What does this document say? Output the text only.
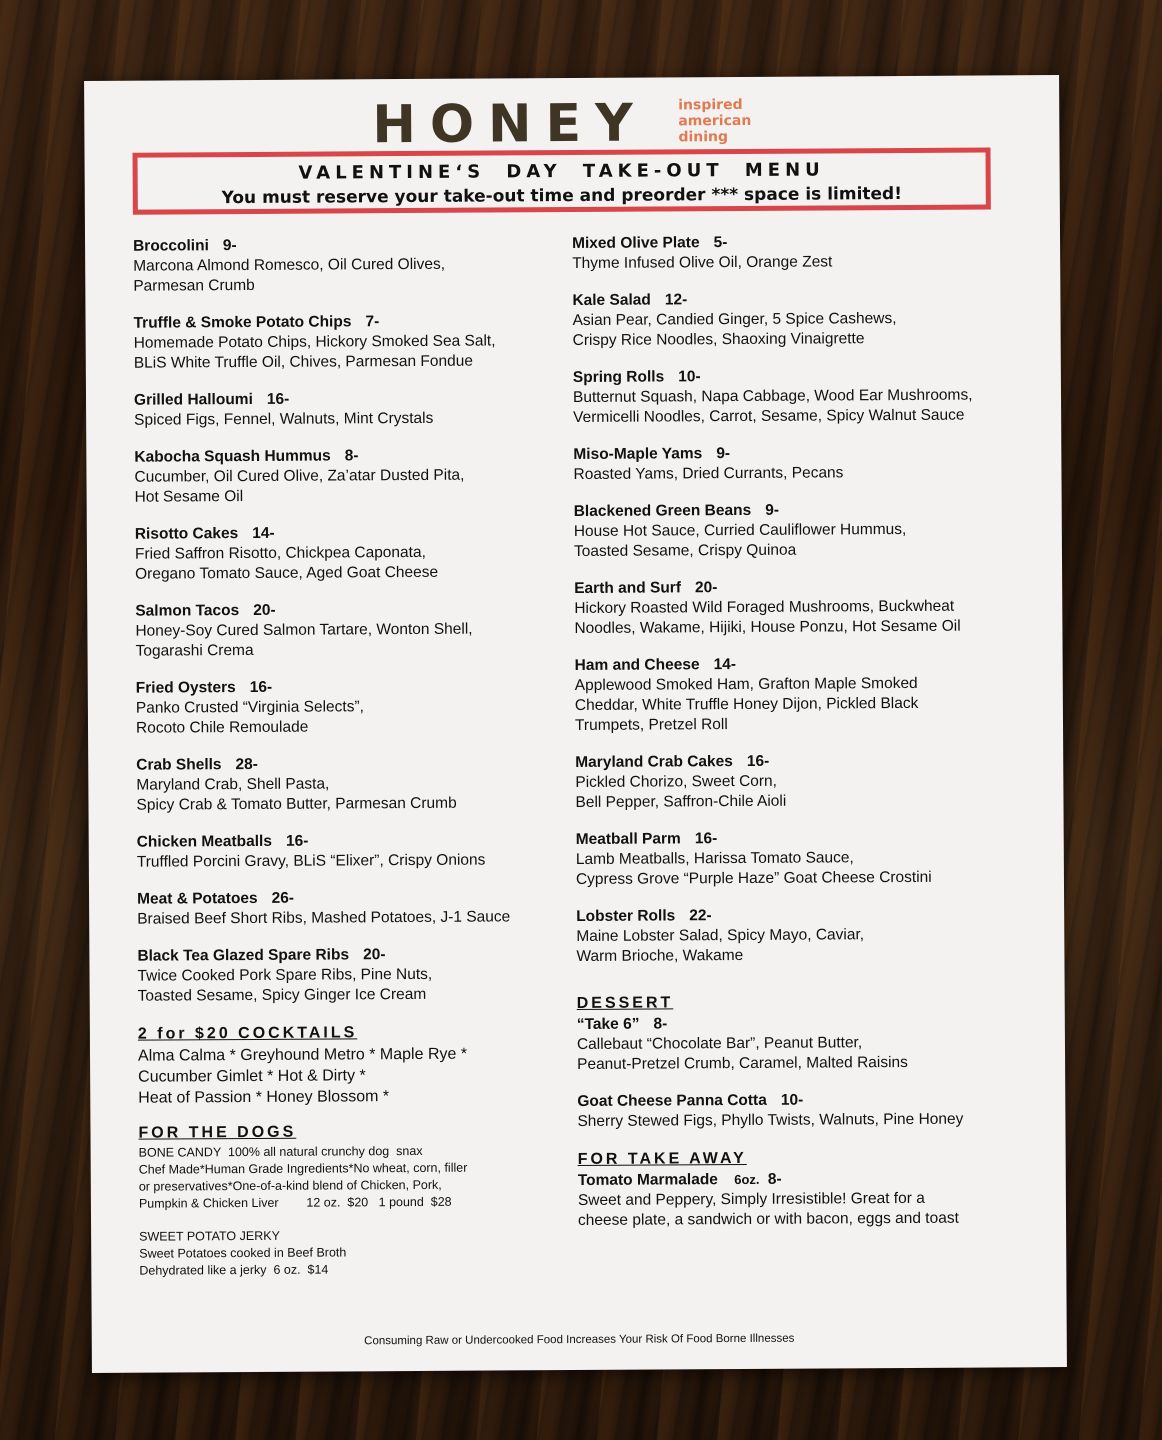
HONEY inspired
american
dining
VALENTINE‘S DAY TAKE-OUT MENU
You must reserve your take-out time and preorder *** space is limited!
Broccolini 9-
Marcona Almond Romesco, Oil Cured Olives,
Parmesan Crumb
Truffle & Smoke Potato Chips 7-
Homemade Potato Chips, Hickory Smoked Sea Salt,
BLiS White Truffle Oil, Chives, Parmesan Fondue
Grilled Halloumi 16-
Spiced Figs, Fennel, Walnuts, Mint Crystals
Kabocha Squash Hummus 8-
Cucumber, Oil Cured Olive, Za’atar Dusted Pita,
Hot Sesame Oil
Risotto Cakes 14-
Fried Saffron Risotto, Chickpea Caponata,
Oregano Tomato Sauce, Aged Goat Cheese
Salmon Tacos 20-
Honey-Soy Cured Salmon Tartare, Wonton Shell,
Togarashi Crema
Fried Oysters 16-
Panko Crusted “Virginia Selects”,
Rocoto Chile Remoulade
Crab Shells 28-
Maryland Crab, Shell Pasta,
Spicy Crab & Tomato Butter, Parmesan Crumb
Chicken Meatballs 16-
Truffled Porcini Gravy, BLiS “Elixer”, Crispy Onions
Meat & Potatoes 26-
Braised Beef Short Ribs, Mashed Potatoes, J-1 Sauce
Black Tea Glazed Spare Ribs 20-
Twice Cooked Pork Spare Ribs, Pine Nuts,
Toasted Sesame, Spicy Ginger Ice Cream
2 for $20 COCKTAILS
Alma Calma * Greyhound Metro * Maple Rye *
Cucumber Gimlet * Hot & Dirty *
Heat of Passion * Honey Blossom *
FOR THE DOGS
BONE CANDY  100% all natural crunchy dog  snax
Chef Made*Human Grade Ingredients*No wheat, corn, filler
or preservatives*One-of-a-kind blend of Chicken, Pork,
Pumpkin & Chicken Liver        12 oz.  $20   1 pound  $28
SWEET POTATO JERKY
Sweet Potatoes cooked in Beef Broth
Dehydrated like a jerky  6 oz.  $14
Mixed Olive Plate 5-
Thyme Infused Olive Oil, Orange Zest
Kale Salad 12-
Asian Pear, Candied Ginger, 5 Spice Cashews,
Crispy Rice Noodles, Shaoxing Vinaigrette
Spring Rolls 10-
Butternut Squash, Napa Cabbage, Wood Ear Mushrooms,
Vermicelli Noodles, Carrot, Sesame, Spicy Walnut Sauce
Miso-Maple Yams 9-
Roasted Yams, Dried Currants, Pecans
Blackened Green Beans 9-
House Hot Sauce, Curried Cauliflower Hummus,
Toasted Sesame, Crispy Quinoa
Earth and Surf 20-
Hickory Roasted Wild Foraged Mushrooms, Buckwheat
Noodles, Wakame, Hijiki, House Ponzu, Hot Sesame Oil
Ham and Cheese 14-
Applewood Smoked Ham, Grafton Maple Smoked
Cheddar, White Truffle Honey Dijon, Pickled Black
Trumpets, Pretzel Roll
Maryland Crab Cakes 16-
Pickled Chorizo, Sweet Corn,
Bell Pepper, Saffron-Chile Aioli
Meatball Parm 16-
Lamb Meatballs, Harissa Tomato Sauce,
Cypress Grove “Purple Haze” Goat Cheese Crostini
Lobster Rolls 22-
Maine Lobster Salad, Spicy Mayo, Caviar,
Warm Brioche, Wakame
DESSERT
“Take 6” 8-
Callebaut “Chocolate Bar”, Peanut Butter,
Peanut-Pretzel Crumb, Caramel, Malted Raisins
Goat Cheese Panna Cotta 10-
Sherry Stewed Figs, Phyllo Twists, Walnuts, Pine Honey
FOR TAKE AWAY
Tomato Marmalade 6oz. 8-
Sweet and Peppery, Simply Irresistible! Great for a
cheese plate, a sandwich or with bacon, eggs and toast
Consuming Raw or Undercooked Food Increases Your Risk Of Food Borne Illnesses
